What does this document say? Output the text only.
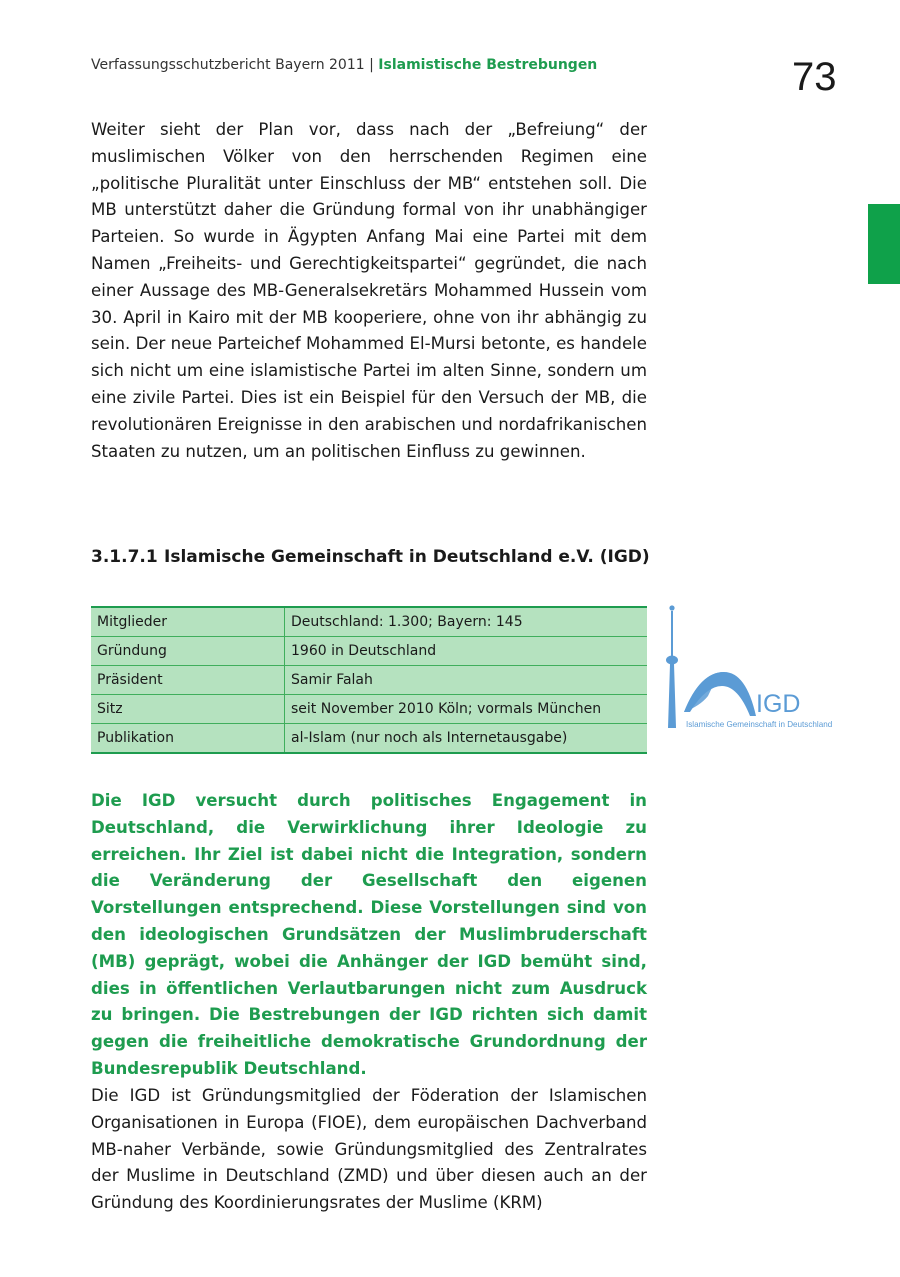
Verfassungsschutzbericht Bayern 2011 | Islamistische Bestrebungen	73

Weiter sieht der Plan vor, dass nach der „Befreiung“ der muslimischen Völker von den herrschenden Regimen eine „politische Pluralität unter Einschluss der MB“ entstehen soll. Die MB unterstützt daher die Gründung formal von ihr unabhängiger Parteien. So wurde in Ägypten Anfang Mai eine Partei mit dem Namen „Freiheits- und Gerechtigkeitspartei“ gegründet, die nach einer Aussage des MB-Generalsekretärs Mohammed Hussein vom 30. April in Kairo mit der MB kooperiere, ohne von ihr abhängig zu sein. Der neue Parteichef Mohammed El-Mursi betonte, es handele sich nicht um eine islamistische Partei im alten Sinne, sondern um eine zivile Partei. Dies ist ein Beispiel für den Versuch der MB, die revolutionären Ereignisse in den arabischen und nordafrikanischen Staaten zu nutzen, um an politischen Einfluss zu gewinnen.

3.1.7.1 Islamische Gemeinschaft in Deutschland e.V. (IGD)
Mitglieder	Deutschland: 1.300; Bayern: 145
Gründung	1960 in Deutschland
Präsident	Samir Falah
Sitz	seit November 2010 Köln; vormals München
Publikation	al-Islam (nur noch als Internetausgabe)
IGD
Islamische Gemeinschaft in Deutschland

Die IGD versucht durch politisches Engagement in Deutschland, die Verwirklichung ihrer Ideologie zu erreichen. Ihr Ziel ist dabei nicht die Integration, sondern die Veränderung der Gesellschaft den eigenen Vorstellungen entsprechend. Diese Vorstellungen sind von den ideologischen Grundsätzen der Muslimbruderschaft (MB) geprägt, wobei die Anhänger der IGD bemüht sind, dies in öffentlichen Verlautbarungen nicht zum Ausdruck zu bringen. Die Bestrebungen der IGD richten sich damit gegen die freiheitliche demokratische Grundordnung der Bundesrepublik Deutschland.

Die IGD ist Gründungsmitglied der Föderation der Islamischen Organisationen in Europa (FIOE), dem europäischen Dachverband MB-naher Verbände, sowie Gründungsmitglied des Zentralrates der Muslime in Deutschland (ZMD) und über diesen auch an der Gründung des Koordinierungsrates der Muslime (KRM)
